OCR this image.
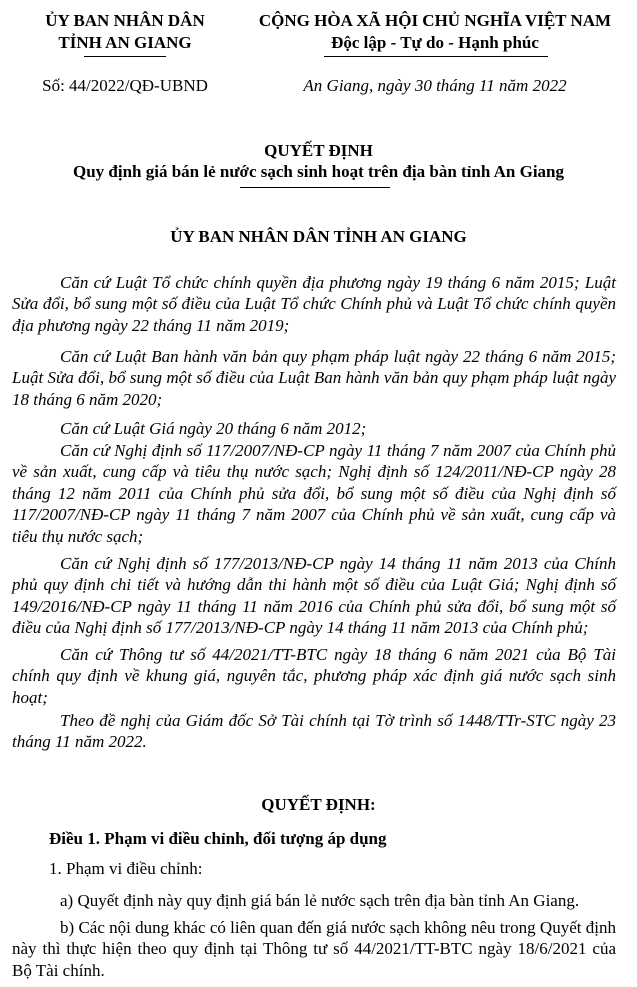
ỦY BAN NHÂN DÂN
TỈNH AN GIANG
CỘNG HÒA XÃ HỘI CHỦ NGHĨA VIỆT NAM
Độc lập - Tự do - Hạnh phúc
Số: 44/2022/QĐ-UBND	An Giang, ngày 30 tháng 11 năm 2022
QUYẾT ĐỊNH
Quy định giá bán lẻ nước sạch sinh hoạt trên địa bàn tỉnh An Giang
ỦY BAN NHÂN DÂN TỈNH AN GIANG
Căn cứ Luật Tổ chức chính quyền địa phương ngày 19 tháng 6 năm 2015; Luật Sửa đổi, bổ sung một số điều của Luật Tổ chức Chính phủ và Luật Tổ chức chính quyền địa phương ngày 22 tháng 11 năm 2019;
Căn cứ Luật Ban hành văn bản quy phạm pháp luật ngày 22 tháng 6 năm 2015; Luật Sửa đổi, bổ sung một số điều của Luật Ban hành văn bản quy phạm pháp luật ngày 18 tháng 6 năm 2020;
Căn cứ Luật Giá ngày 20 tháng 6 năm 2012;
Căn cứ Nghị định số 117/2007/NĐ-CP ngày 11 tháng 7 năm 2007 của Chính phủ về sản xuất, cung cấp và tiêu thụ nước sạch; Nghị định số 124/2011/NĐ-CP ngày 28 tháng 12 năm 2011 của Chính phủ sửa đổi, bổ sung một số điều của Nghị định số 117/2007/NĐ-CP ngày 11 tháng 7 năm 2007 của Chính phủ về sản xuất, cung cấp và tiêu thụ nước sạch;
Căn cứ Nghị định số 177/2013/NĐ-CP ngày 14 tháng 11 năm 2013 của Chính phủ quy định chi tiết và hướng dẫn thi hành một số điều của Luật Giá; Nghị định số 149/2016/NĐ-CP ngày 11 tháng 11 năm 2016 của Chính phủ sửa đổi, bổ sung một số điều của Nghị định số 177/2013/NĐ-CP ngày 14 tháng 11 năm 2013 của Chính phủ;
Căn cứ Thông tư số 44/2021/TT-BTC ngày 18 tháng 6 năm 2021 của Bộ Tài chính quy định về khung giá, nguyên tắc, phương pháp xác định giá nước sạch sinh hoạt;
Theo đề nghị của Giám đốc Sở Tài chính tại Tờ trình số 1448/TTr-STC ngày 23 tháng 11 năm 2022.
QUYẾT ĐỊNH:
Điều 1. Phạm vi điều chỉnh, đối tượng áp dụng
1. Phạm vi điều chỉnh:
a) Quyết định này quy định giá bán lẻ nước sạch trên địa bàn tỉnh An Giang.
b) Các nội dung khác có liên quan đến giá nước sạch không nêu trong Quyết định này thì thực hiện theo quy định tại Thông tư số 44/2021/TT-BTC ngày 18/6/2021 của Bộ Tài chính.
